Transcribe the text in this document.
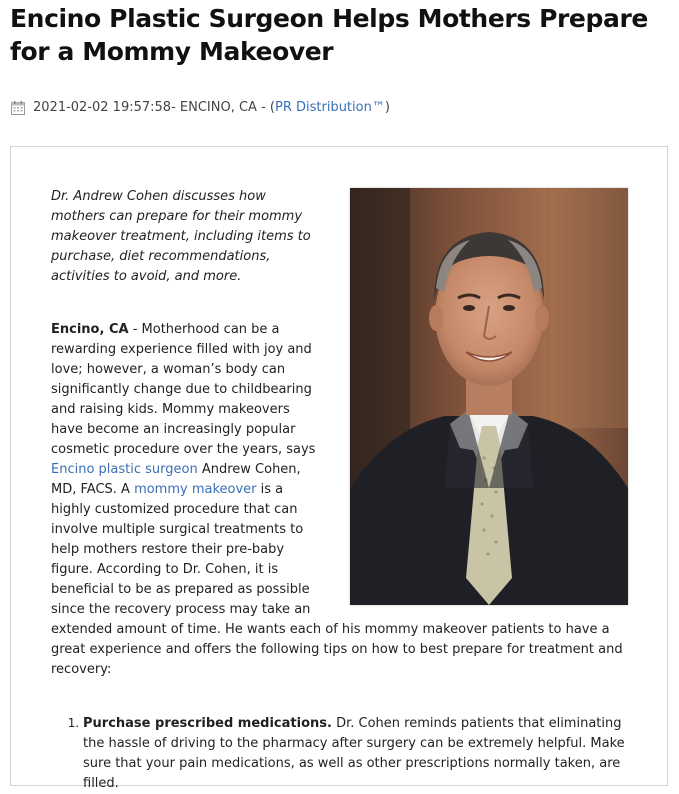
Encino Plastic Surgeon Helps Mothers Prepare for a Mommy Makeover
2021-02-02 19:57:58 - ENCINO, CA - ( PR Distribution™ )

Dr. Andrew Cohen discusses how mothers can prepare for their mommy makeover treatment, including items to purchase, diet recommendations, activities to avoid, and more.

Encino, CA - Motherhood can be a rewarding experience filled with joy and love; however, a woman’s body can significantly change due to childbearing and raising kids. Mommy makeovers have become an increasingly popular cosmetic procedure over the years, says Encino plastic surgeon Andrew Cohen, MD, FACS. A mommy makeover is a highly customized procedure that can involve multiple surgical treatments to help mothers restore their pre-baby figure. According to Dr. Cohen, it is beneficial to be as prepared as possible since the recovery process may take an
extended amount of time. He wants each of his mommy makeover patients to have a great experience and offers the following tips on how to best prepare for treatment and recovery:

1. Purchase prescribed medications. Dr. Cohen reminds patients that eliminating the hassle of driving to the pharmacy after surgery can be extremely helpful. Make sure that your pain medications, as well as other prescriptions normally taken, are filled.
